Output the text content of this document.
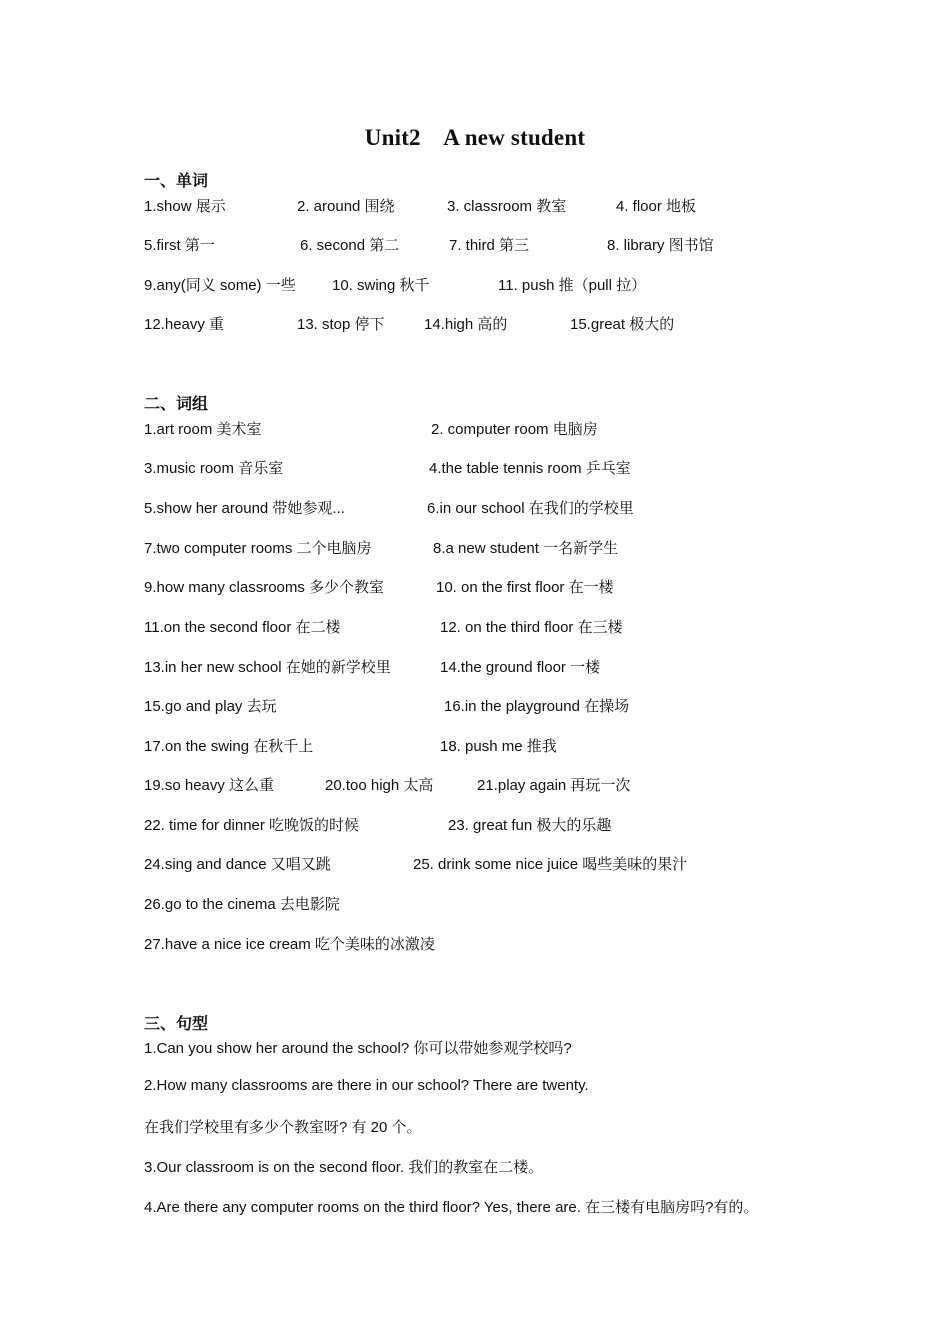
Unit2    A new student
一、单词
1.show 展示	2. around 围绕	3. classroom 教室	4. floor 地板
5.first 第一	6. second 第二	7. third 第三	8. library 图书馆
9.any(同义 some) 一些 10. swing 秋千	11. push 推（pull 拉）
12.heavy 重	13. stop 停下	14.high 高的	15.great 极大的
二、词组
1.art room 美术室	2. computer room 电脑房
3.music room 音乐室	4.the table tennis room 乒乓室
5.show her around 带她参观...	6.in our school 在我们的学校里
7.two computer rooms 二个电脑房	8.a new student 一名新学生
9.how many classrooms 多少个教室	10. on the first floor 在一楼
11.on the second floor 在二楼	12. on the third floor 在三楼
13.in her new school 在她的新学校里	14.the ground floor 一楼
15.go and play 去玩	16.in the playground 在操场
17.on the swing 在秋千上	18. push me 推我
19.so heavy 这么重	20.too high 太高	21.play again 再玩一次
22. time for dinner 吃晚饭的时候	23. great fun 极大的乐趣
24.sing and dance 又唱又跳	25. drink some nice juice 喝些美味的果汁
26.go to the cinema 去电影院
27.have a nice ice cream 吃个美味的冰激凌
三、句型
1.Can you show her around the school? 你可以带她参观学校吗?
2.How many classrooms are there in our school? There are twenty.
在我们学校里有多少个教室呀? 有 20 个。
3.Our classroom is on the second floor. 我们的教室在二楼。
4.Are there any computer rooms on the third floor? Yes, there are. 在三楼有电脑房吗?有的。
